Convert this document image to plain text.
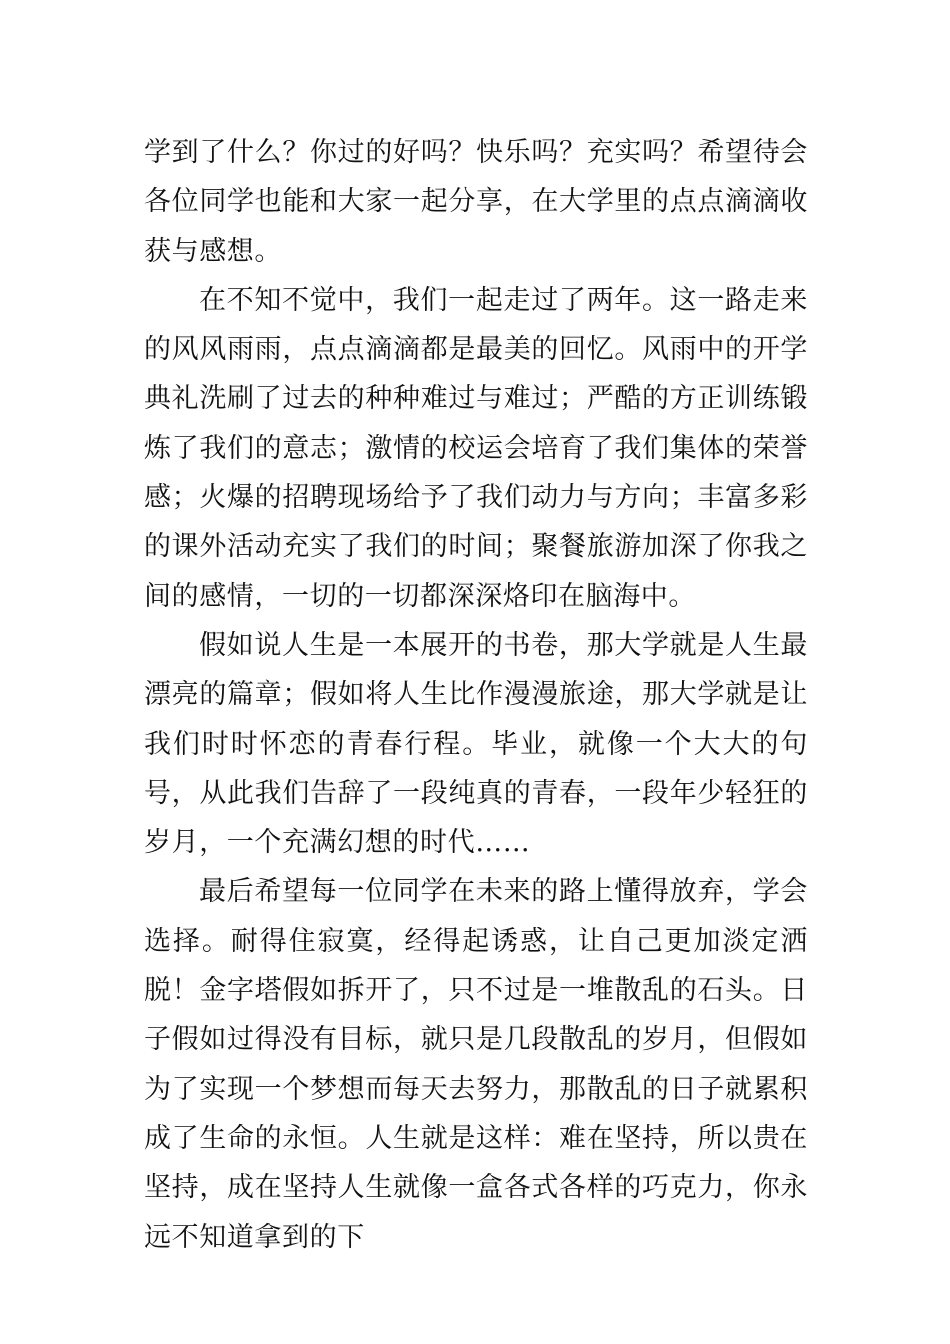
学到了什么？你过的好吗？快乐吗？充实吗？希望待会各位同学也能和大家一起分享，在大学里的点点滴滴收获与感想。

在不知不觉中，我们一起走过了两年。这一路走来的风风雨雨，点点滴滴都是最美的回忆。风雨中的开学典礼洗刷了过去的种种难过与难过；严酷的方正训练锻炼了我们的意志；激情的校运会培育了我们集体的荣誉感；火爆的招聘现场给予了我们动力与方向；丰富多彩的课外活动充实了我们的时间；聚餐旅游加深了你我之间的感情，一切的一切都深深烙印在脑海中。

假如说人生是一本展开的书卷，那大学就是人生最漂亮的篇章；假如将人生比作漫漫旅途，那大学就是让我们时时怀恋的青春行程。毕业，就像一个大大的句号，从此我们告辞了一段纯真的青春，一段年少轻狂的岁月，一个充满幻想的时代……

最后希望每一位同学在未来的路上懂得放弃，学会选择。耐得住寂寞，经得起诱惑，让自己更加淡定洒脱！金字塔假如拆开了，只不过是一堆散乱的石头。日子假如过得没有目标，就只是几段散乱的岁月，但假如为了实现一个梦想而每天去努力，那散乱的日子就累积成了生命的永恒。人生就是这样：难在坚持，所以贵在坚持，成在坚持人生就像一盒各式各样的巧克力，你永远不知道拿到的下
